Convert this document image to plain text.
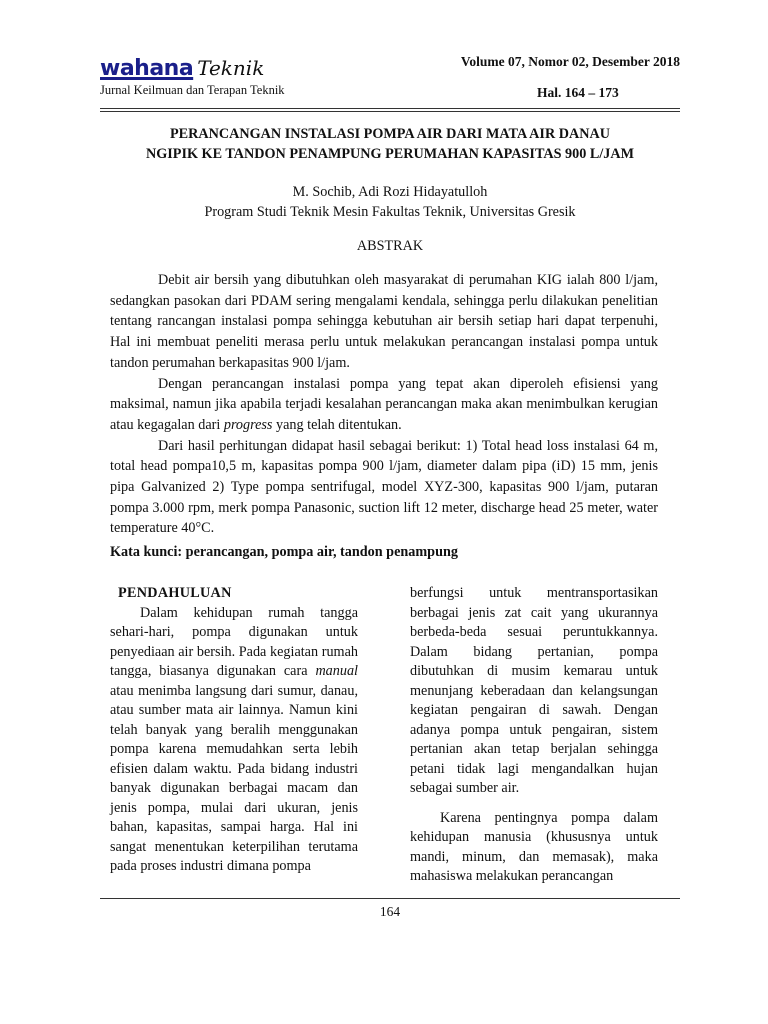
wahana Teknik
Jurnal Keilmuan dan Terapan Teknik
Volume 07, Nomor 02, Desember 2018
Hal. 164 – 173
PERANCANGAN INSTALASI POMPA AIR DARI MATA AIR DANAU
NGIPIK KE TANDON PENAMPUNG PERUMAHAN KAPASITAS 900 L/JAM
M. Sochib, Adi Rozi Hidayatulloh
Program Studi Teknik Mesin Fakultas Teknik, Universitas Gresik
ABSTRAK

Debit air bersih yang dibutuhkan oleh masyarakat di perumahan KIG ialah 800 l/jam, sedangkan pasokan dari PDAM sering mengalami kendala, sehingga perlu dilakukan penelitian tentang rancangan instalasi pompa sehingga kebutuhan air bersih setiap hari dapat terpenuhi, Hal ini membuat peneliti merasa perlu untuk melakukan perancangan instalasi pompa untuk tandon perumahan berkapasitas 900 l/jam.

Dengan perancangan instalasi pompa yang tepat akan diperoleh efisiensi yang maksimal, namun jika apabila terjadi kesalahan perancangan maka akan menimbulkan kerugian atau kegagalan dari progress yang telah ditentukan.

Dari hasil perhitungan didapat hasil sebagai berikut: 1) Total head loss instalasi 64 m, total head pompa10,5 m, kapasitas pompa 900 l/jam, diameter dalam pipa (iD) 15 mm, jenis pipa Galvanized 2) Type pompa sentrifugal, model XYZ-300, kapasitas 900 l/jam, putaran pompa 3.000 rpm, merk pompa Panasonic, suction lift 12 meter, discharge head 25 meter, water temperature 40°C.

Kata kunci: perancangan, pompa air, tandon penampung

PENDAHULUAN

Dalam kehidupan rumah tangga sehari-hari, pompa digunakan untuk penyediaan air bersih. Pada kegiatan rumah tangga, biasanya digunakan cara manual atau menimba langsung dari sumur, danau, atau sumber mata air lainnya. Namun kini telah banyak yang beralih menggunakan pompa karena memudahkan serta lebih efisien dalam waktu. Pada bidang industri banyak digunakan berbagai macam dan jenis pompa, mulai dari ukuran, jenis bahan, kapasitas, sampai harga. Hal ini sangat menentukan keterpilihan terutama pada proses industri dimana pompa

berfungsi untuk mentransportasikan berbagai jenis zat cait yang ukurannya berbeda-beda sesuai peruntukkannya. Dalam bidang pertanian, pompa dibutuhkan di musim kemarau untuk menunjang keberadaan dan kelangsungan kegiatan pengairan di sawah. Dengan adanya pompa untuk pengairan, sistem pertanian akan tetap berjalan sehingga petani tidak lagi mengandalkan hujan sebagai sumber air.

Karena pentingnya pompa dalam kehidupan manusia (khususnya untuk mandi, minum, dan memasak), maka mahasiswa melakukan perancangan

164
